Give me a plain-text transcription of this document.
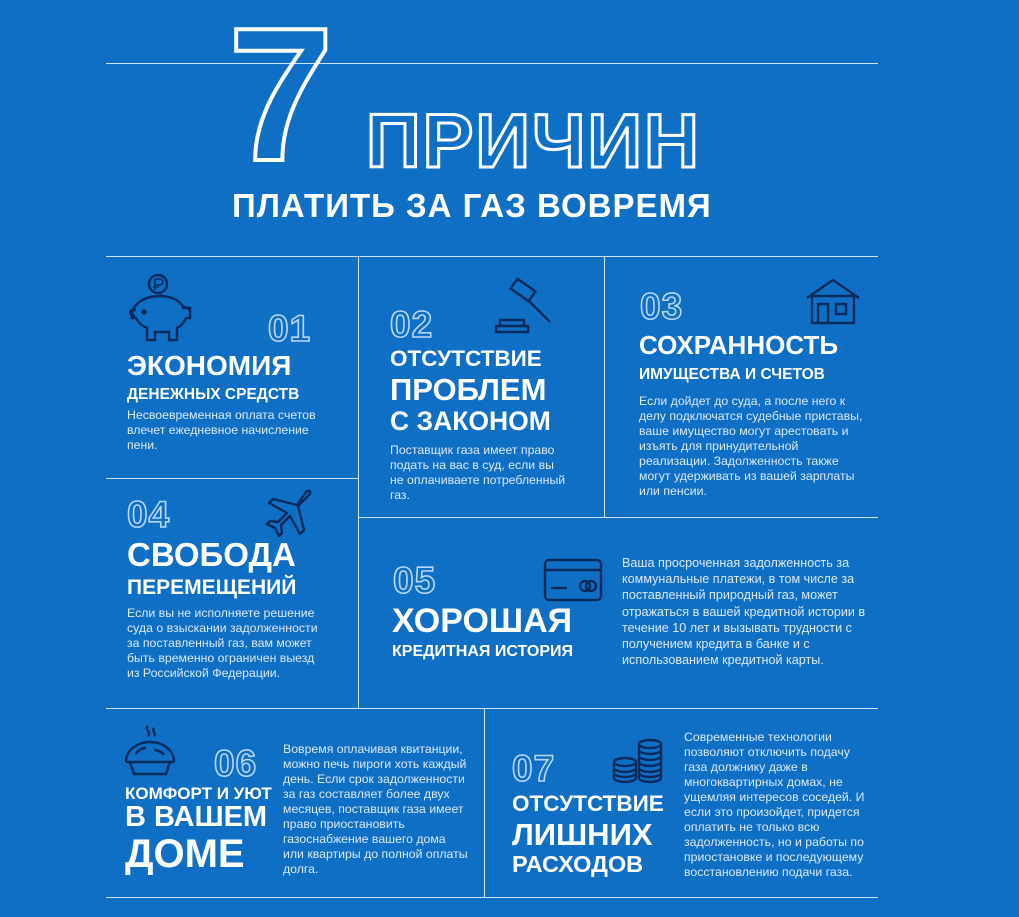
7 ПРИЧИН
ПЛАТИТЬ ЗА ГАЗ ВОВРЕМЯ
01
ЭКОНОМИЯ
ДЕНЕЖНЫХ СРЕДСТВ
Несвоевременная оплата счетов влечет ежедневное начисление пени.
02
ОТСУТСТВИЕ
ПРОБЛЕМ
С ЗАКОНОМ
Поставщик газа имеет право подать на вас в суд, если вы не оплачиваете потребленный газ.
03
СОХРАННОСТЬ
ИМУЩЕСТВА И СЧЕТОВ
Если дойдет до суда, а после него к делу подключатся судебные приставы, ваше имущество могут арестовать и изъять для принудительной реализации. Задолженность также могут удерживать из вашей зарплаты или пенсии.
04
СВОБОДА
ПЕРЕМЕЩЕНИЙ
Если вы не исполняете решение суда о взыскании задолженности за поставленный газ, вам может быть временно ограничен выезд из Российской Федерации.
05
ХОРОШАЯ
КРЕДИТНАЯ ИСТОРИЯ
Ваша просроченная задолженность за коммунальные платежи, в том числе за поставленный природный газ, может отражаться в вашей кредитной истории в течение 10 лет и вызывать трудности с получением кредита в банке и с использованием кредитной карты.
06
КОМФОРТ И УЮТ
В ВАШЕМ
ДОМЕ
Вовремя оплачивая квитанции, можно печь пироги хоть каждый день. Если срок задолженности за газ составляет более двух месяцев, поставщик газа имеет право приостановить газоснабжение вашего дома или квартиры до полной оплаты долга.
07
ОТСУТСТВИЕ
ЛИШНИХ
РАСХОДОВ
Современные технологии позволяют отключить подачу газа должнику даже в многоквартирных домах, не ущемляя интересов соседей. И если это произойдет, придется оплатить не только всю задолженность, но и работы по приостановке и последующему восстановлению подачи газа.
